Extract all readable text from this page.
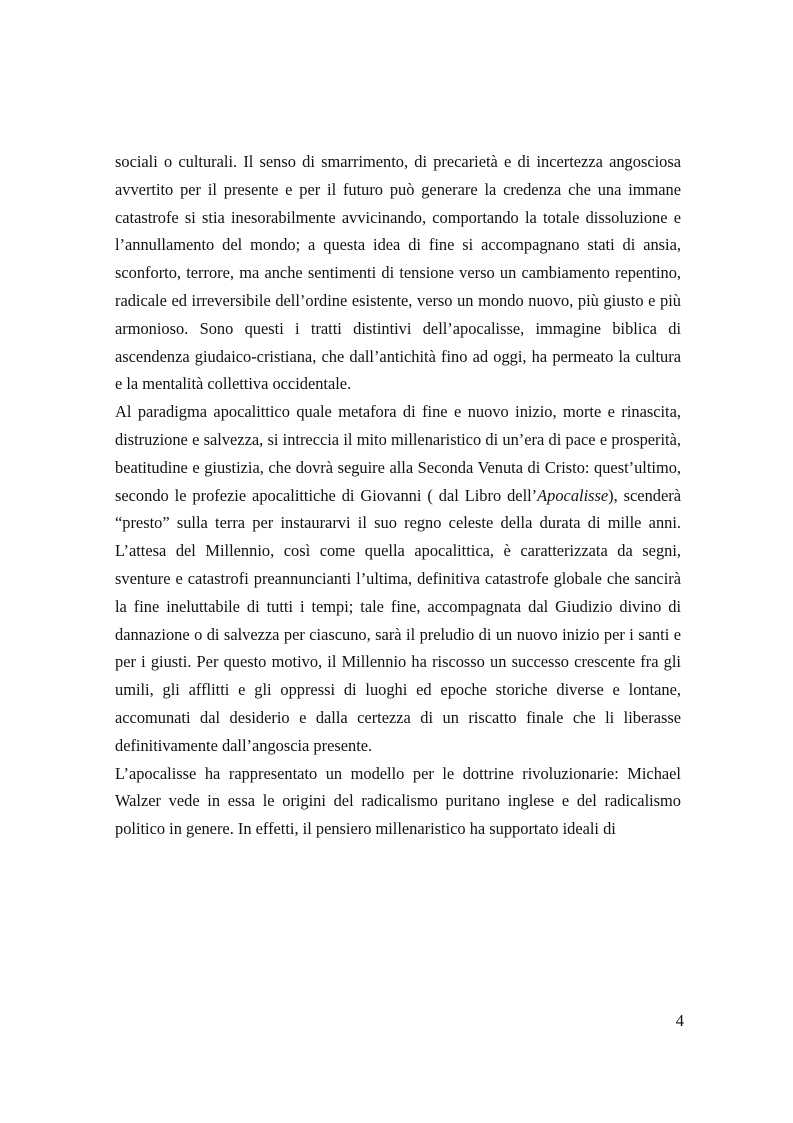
sociali o culturali. Il senso di smarrimento, di precarietà e di incertezza angosciosa avvertito per il presente e per il futuro può generare la credenza che una immane catastrofe si stia inesorabilmente avvicinando, comportando la totale dissoluzione e l’annullamento del mondo; a questa idea di fine si accompagnano stati di ansia, sconforto, terrore, ma anche sentimenti di tensione verso un cambiamento repentino, radicale ed irreversibile dell’ordine esistente, verso un mondo nuovo, più giusto e più armonioso. Sono questi i tratti distintivi dell’apocalisse, immagine biblica di ascendenza giudaico-cristiana, che dall’antichità fino ad oggi, ha permeato la cultura e la mentalità collettiva occidentale.

Al paradigma apocalittico quale metafora di fine e nuovo inizio, morte e rinascita, distruzione e salvezza, si intreccia il mito millenaristico di un’era di pace e prosperità, beatitudine e giustizia, che dovrà seguire alla Seconda Venuta di Cristo: quest’ultimo, secondo le profezie apocalittiche di Giovanni ( dal Libro dell’Apocalisse), scenderà “presto” sulla terra per instaurarvi il suo regno celeste della durata di mille anni. L’attesa del Millennio, così come quella apocalittica, è caratterizzata da segni, sventure e catastrofi preannuncianti l’ultima, definitiva catastrofe globale che sancirà la fine ineluttabile di tutti i tempi; tale fine, accompagnata dal Giudizio divino di dannazione o di salvezza per ciascuno, sarà il preludio di un nuovo inizio per i santi e per i giusti. Per questo motivo, il Millennio ha riscosso un successo crescente fra gli umili, gli afflitti e gli oppressi di luoghi ed epoche storiche diverse e lontane, accomunati dal desiderio e dalla certezza di un riscatto finale che li liberasse definitivamente dall’angoscia presente.

L’apocalisse ha rappresentato un modello per le dottrine rivoluzionarie: Michael Walzer vede in essa le origini del radicalismo puritano inglese e del radicalismo politico in genere. In effetti, il pensiero millenaristico ha supportato ideali di

4
